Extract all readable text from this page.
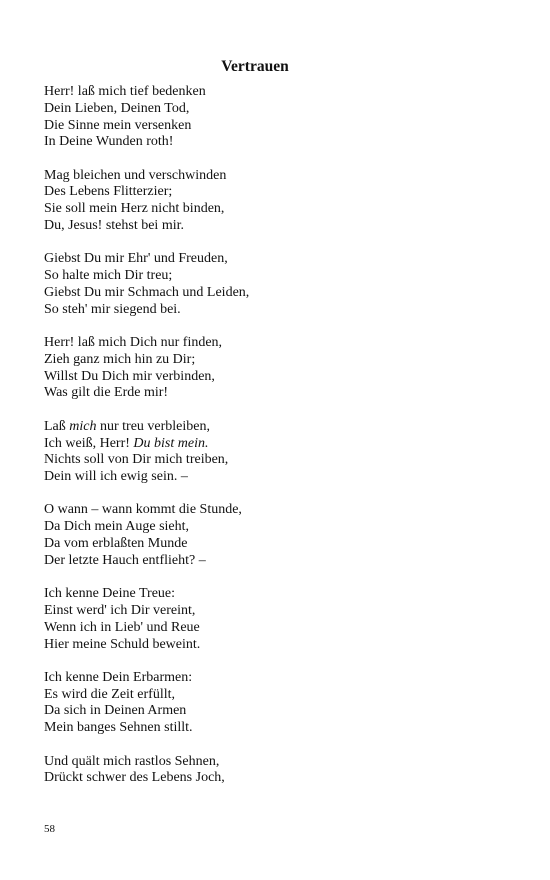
Vertrauen
Herr! laß mich tief bedenken
Dein Lieben, Deinen Tod,
Die Sinne mein versenken
In Deine Wunden roth!
Mag bleichen und verschwinden
Des Lebens Flitterzier;
Sie soll mein Herz nicht binden,
Du, Jesus! stehst bei mir.
Giebst Du mir Ehr' und Freuden,
So halte mich Dir treu;
Giebst Du mir Schmach und Leiden,
So steh' mir siegend bei.
Herr! laß mich Dich nur finden,
Zieh ganz mich hin zu Dir;
Willst Du Dich mir verbinden,
Was gilt die Erde mir!
Laß mich nur treu verbleiben,
Ich weiß, Herr! Du bist mein.
Nichts soll von Dir mich treiben,
Dein will ich ewig sein. –
O wann – wann kommt die Stunde,
Da Dich mein Auge sieht,
Da vom erblaßten Munde
Der letzte Hauch entflieht? –
Ich kenne Deine Treue:
Einst werd' ich Dir vereint,
Wenn ich in Lieb' und Reue
Hier meine Schuld beweint.
Ich kenne Dein Erbarmen:
Es wird die Zeit erfüllt,
Da sich in Deinen Armen
Mein banges Sehnen stillt.
Und quält mich rastlos Sehnen,
Drückt schwer des Lebens Joch,
58
